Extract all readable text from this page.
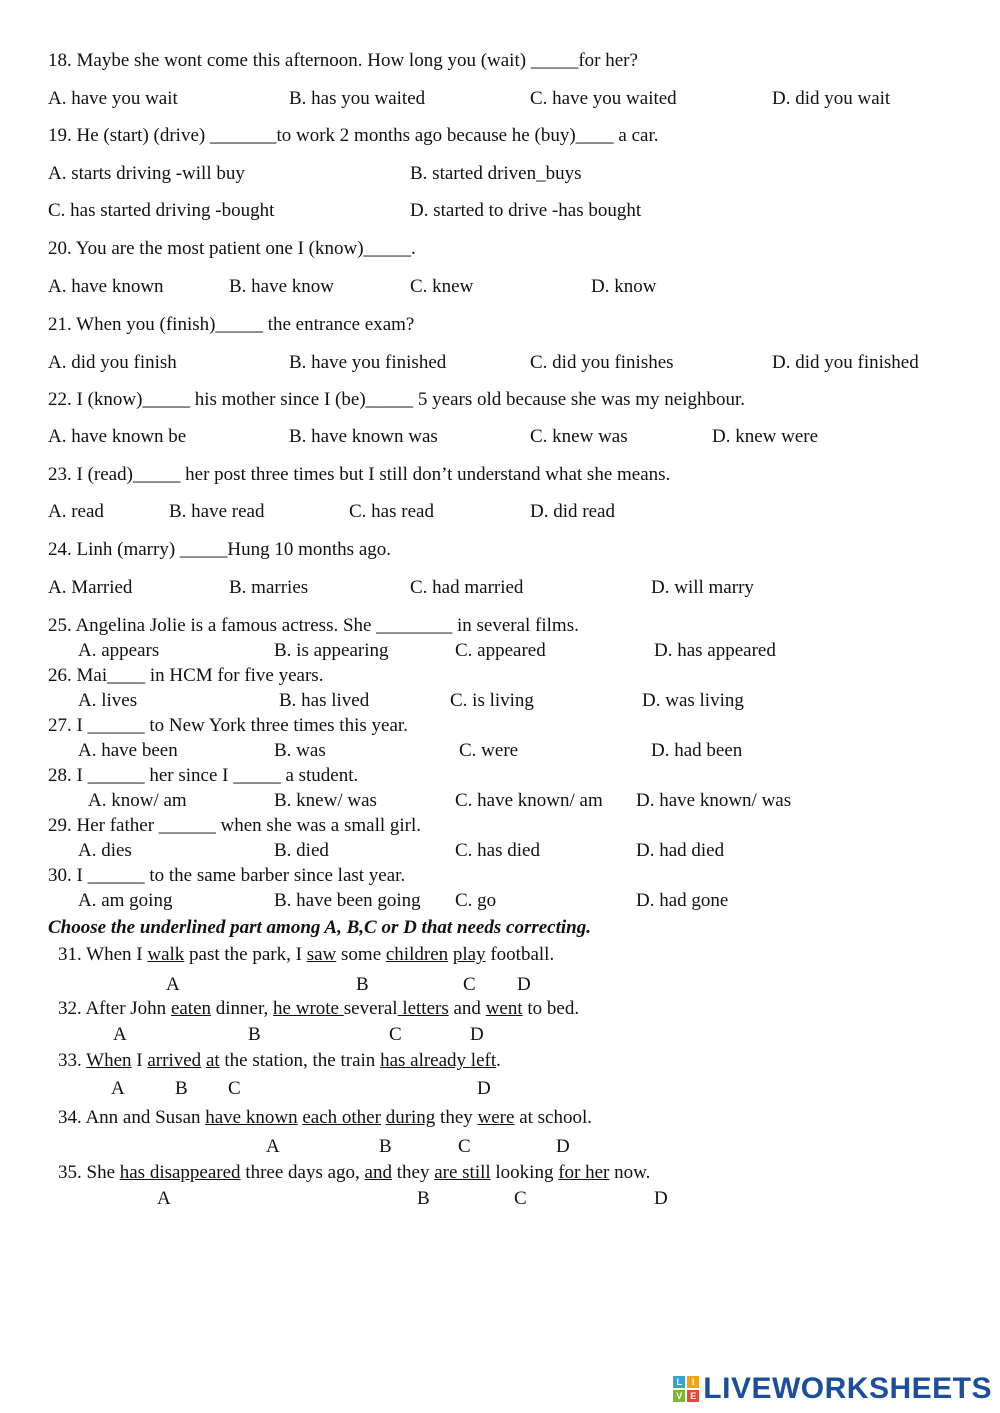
18. Maybe she wont come this afternoon. How long you (wait) _____for her?
A. have you wait	B. has you waited	C. have you waited	D. did you wait
19. He (start) (drive) _______to work 2 months ago because he (buy)____ a car.
A. starts driving -will buy	B. started driven_buys
C. has started driving -bought	D. started to drive -has bought
20. You are the most patient one I (know)_____.
A. have known	B. have know	C. knew	D. know
21. When you (finish)_____ the entrance exam?
A. did you finish	B. have you finished	C. did you finishes	D. did you finished
22. I (know)_____ his mother since I (be)_____ 5 years old because she was my neighbour.
A. have known be	B. have known was	C. knew was	D. knew were
23. I (read)_____ her post three times but I still don’t understand what she means.
A. read	B. have read	C. has read	D. did read
24. Linh (marry) _____Hung 10 months ago.
A. Married	B. marries	C. had married	D. will marry
25. Angelina Jolie is a famous actress. She ________ in several films.
A. appears	B. is appearing	C. appeared	D. has appeared
26. Mai____ in HCM for five years.
A. lives	B. has lived	C. is living	D. was living
27. I ______ to New York three times this year.
A. have been	B. was	C. were	D. had been
28. I ______ her since I _____ a student.
A. know/ am	B. knew/ was	C. have known/ am D. have known/ was
29. Her father ______ when she was a small girl.
A. dies	B. died	C. has died	D. had died
30. I ______ to the same barber since last year.
A. am going	B. have been going C. go	D. had gone
Choose the underlined part among A, B,C or D that needs correcting.
31. When I walk past the park, I saw some children play football.
A	B	C D
32. After John eaten dinner, he wrote several letters and went to bed.
A	B	C	D
33. When I arrived at the station, the train has already left.
A	B C	D
34. Ann and Susan have known each other during they were at school.
A	B	C	D
35. She has disappeared three days ago, and they are still looking for her now.
A	B	C	D
L	I
V E LIVEWORKSHEETS
